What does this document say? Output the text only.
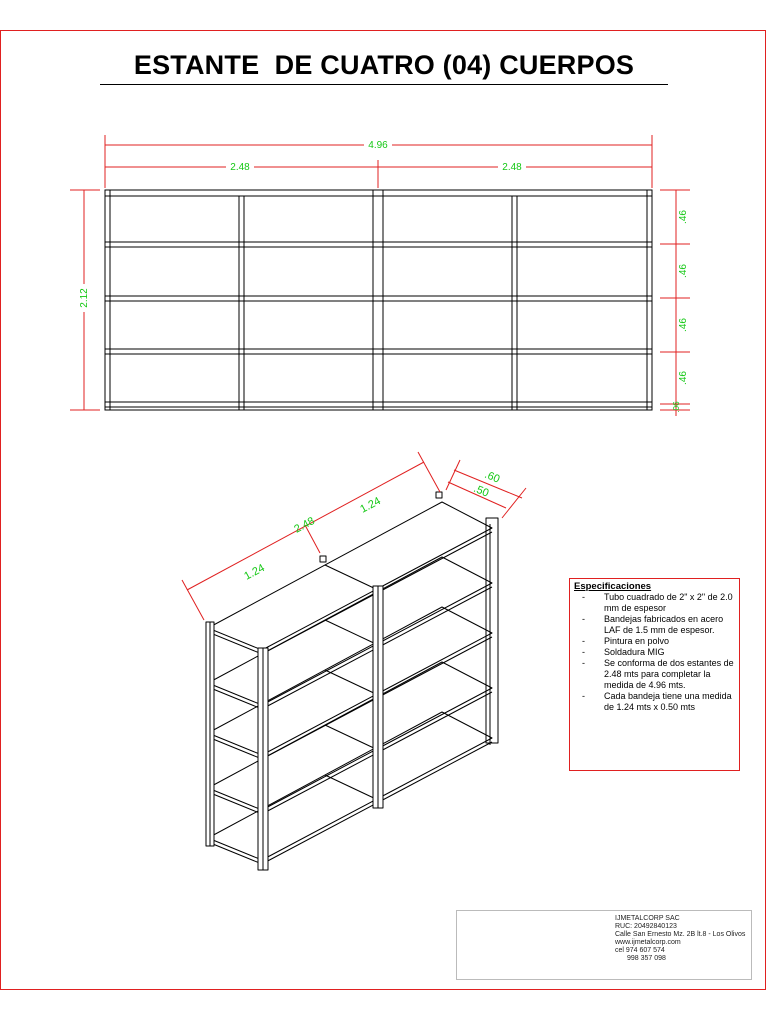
ESTANTE  DE CUATRO (04) CUERPOS
4.96
2.48	2.48
2.12
.46
.46
.46
.46
.06
2.48
1.24
1.24
.60
.50
Especificaciones
- Tubo cuadrado de 2" x 2" de 2.0 mm de espesor
- Bandejas fabricados en acero LAF de 1.5 mm de espesor.
- Pintura en polvo
- Soldadura MIG
- Se conforma de dos estantes de 2.48 mts para completar la medida de 4.96 mts.
- Cada bandeja tiene una medida de 1.24 mts x 0.50 mts
IJMETALCORP SAC
RUC: 20492840123
Calle San Ernesto Mz. 2B lt.8 - Los Olivos
www.ijmetalcorp.com
cel 974 607 574
998 357 098
